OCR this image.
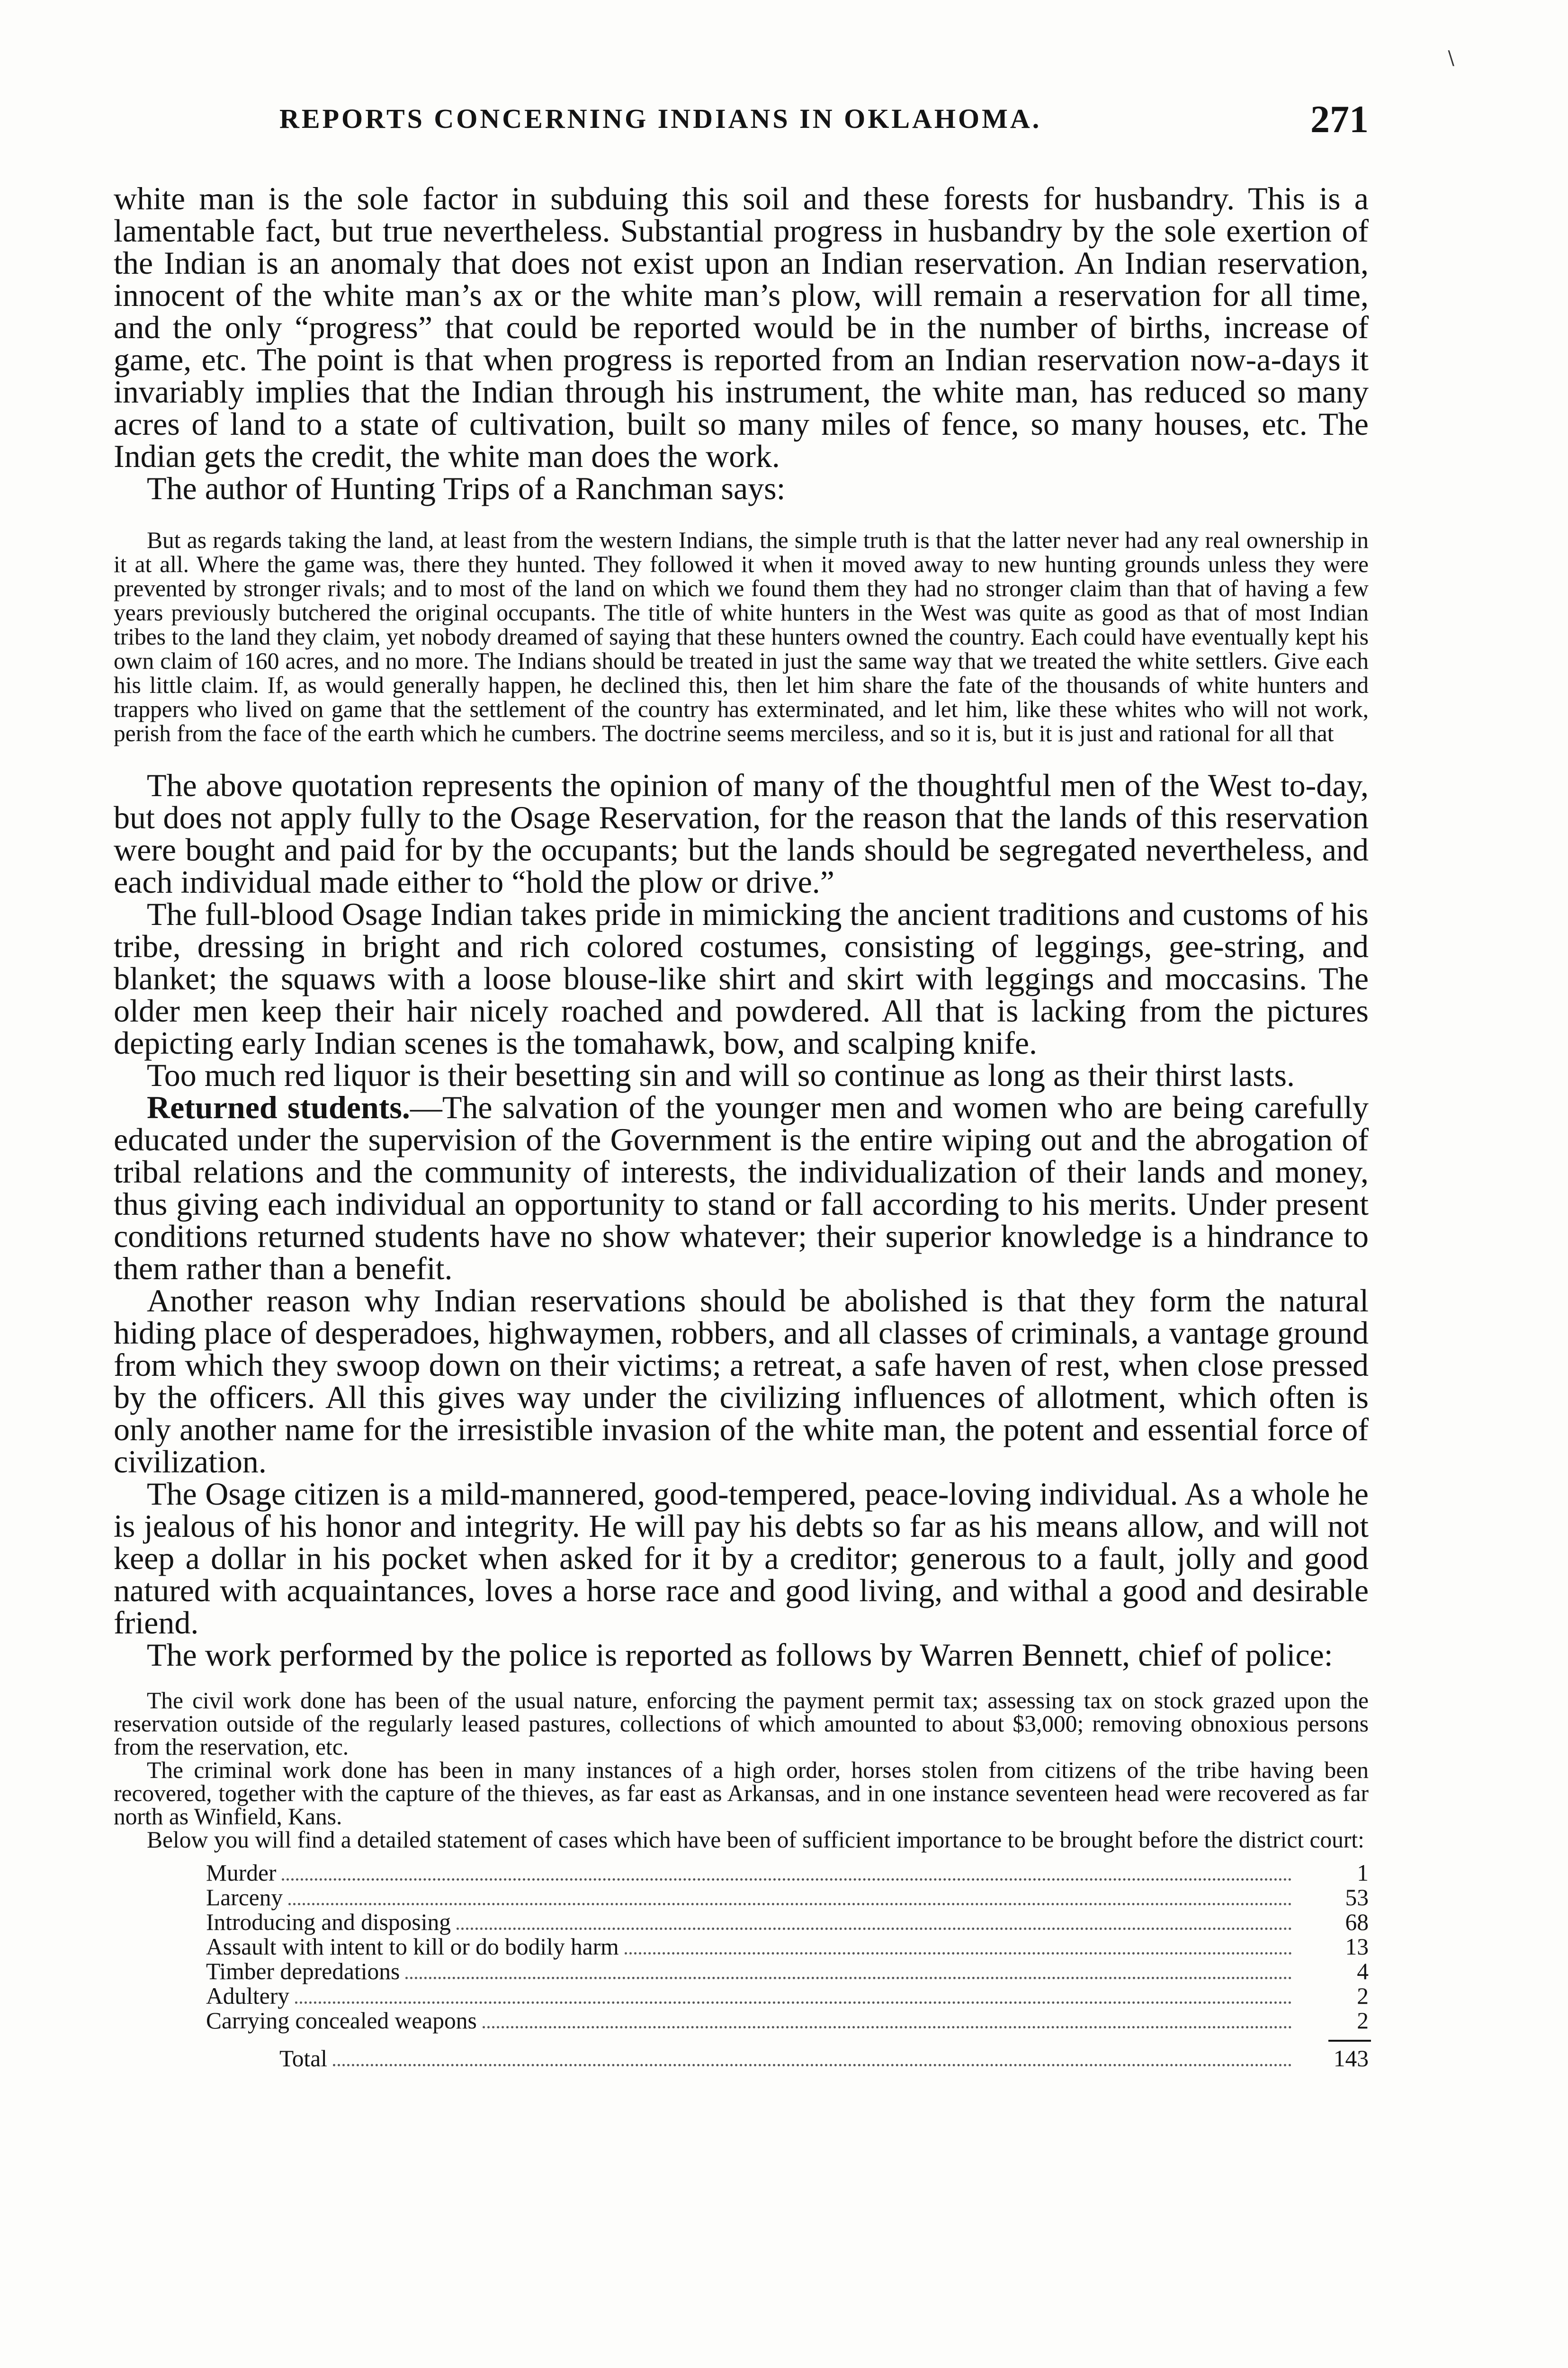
\
REPORTS CONCERNING INDIANS IN OKLAHOMA.	271

white man is the sole factor in subduing this soil and these forests for husbandry. This is a lamentable fact, but true nevertheless. Substantial progress in husbandry by the sole exertion of the Indian is an anomaly that does not exist upon an Indian reservation. An Indian reservation, innocent of the white man’s ax or the white man’s plow, will remain a reservation for all time, and the only “progress” that could be reported would be in the number of births, increase of game, etc. The point is that when progress is reported from an Indian reservation now-a-days it invariably implies that the Indian through his instrument, the white man, has reduced so many acres of land to a state of cultivation, built so many miles of fence, so many houses, etc. The Indian gets the credit, the white man does the work.

The author of Hunting Trips of a Ranchman says:

But as regards taking the land, at least from the western Indians, the simple truth is that the latter never had any real ownership in it at all. Where the game was, there they hunted. They followed it when it moved away to new hunting grounds unless they were prevented by stronger rivals; and to most of the land on which we found them they had no stronger claim than that of having a few years previously butchered the original occupants. The title of white hunters in the West was quite as good as that of most Indian tribes to the land they claim, yet nobody dreamed of saying that these hunters owned the country. Each could have eventually kept his own claim of 160 acres, and no more. The Indians should be treated in just the same way that we treated the white settlers. Give each his little claim. If, as would generally happen, he declined this, then let him share the fate of the thousands of white hunters and trappers who lived on game that the settlement of the country has exterminated, and let him, like these whites who will not work, perish from the face of the earth which he cumbers. The doctrine seems merciless, and so it is, but it is just and rational for all that

The above quotation represents the opinion of many of the thoughtful men of the West to-day, but does not apply fully to the Osage Reservation, for the reason that the lands of this reservation were bought and paid for by the occupants; but the lands should be segregated nevertheless, and each individual made either to “hold the plow or drive.”

The full-blood Osage Indian takes pride in mimicking the ancient traditions and customs of his tribe, dressing in bright and rich colored costumes, consisting of leggings, gee-string, and blanket; the squaws with a loose blouse-like shirt and skirt with leggings and moccasins. The older men keep their hair nicely roached and powdered. All that is lacking from the pictures depicting early Indian scenes is the tomahawk, bow, and scalping knife.

Too much red liquor is their besetting sin and will so continue as long as their thirst lasts.

Returned students.—The salvation of the younger men and women who are being carefully educated under the supervision of the Government is the entire wiping out and the abrogation of tribal relations and the community of interests, the individualization of their lands and money, thus giving each individual an opportunity to stand or fall according to his merits. Under present conditions returned students have no show whatever; their superior knowledge is a hindrance to them rather than a benefit.

Another reason why Indian reservations should be abolished is that they form the natural hiding place of desperadoes, highwaymen, robbers, and all classes of criminals, a vantage ground from which they swoop down on their victims; a retreat, a safe haven of rest, when close pressed by the officers. All this gives way under the civilizing influences of allotment, which often is only another name for the irresistible invasion of the white man, the potent and essential force of civilization.

The Osage citizen is a mild-mannered, good-tempered, peace-loving individual. As a whole he is jealous of his honor and integrity. He will pay his debts so far as his means allow, and will not keep a dollar in his pocket when asked for it by a creditor; generous to a fault, jolly and good natured with acquaintances, loves a horse race and good living, and withal a good and desirable friend.

The work performed by the police is reported as follows by Warren Bennett, chief of police:

The civil work done has been of the usual nature, enforcing the payment permit tax; assessing tax on stock grazed upon the reservation outside of the regularly leased pastures, collections of which amounted to about $3,000; removing obnoxious persons from the reservation, etc.

The criminal work done has been in many instances of a high order, horses stolen from citizens of the tribe having been recovered, together with the capture of the thieves, as far east as Arkansas, and in one instance seventeen head were recovered as far north as Winfield, Kans.

Below you will find a detailed statement of cases which have been of sufficient importance to be brought before the district court:

Murder	1
Larceny	53
Introducing and disposing	68
Assault with intent to kill or do bodily harm	13
Timber depredations	4
Adultery	2
Carrying concealed weapons	2
Total	143
